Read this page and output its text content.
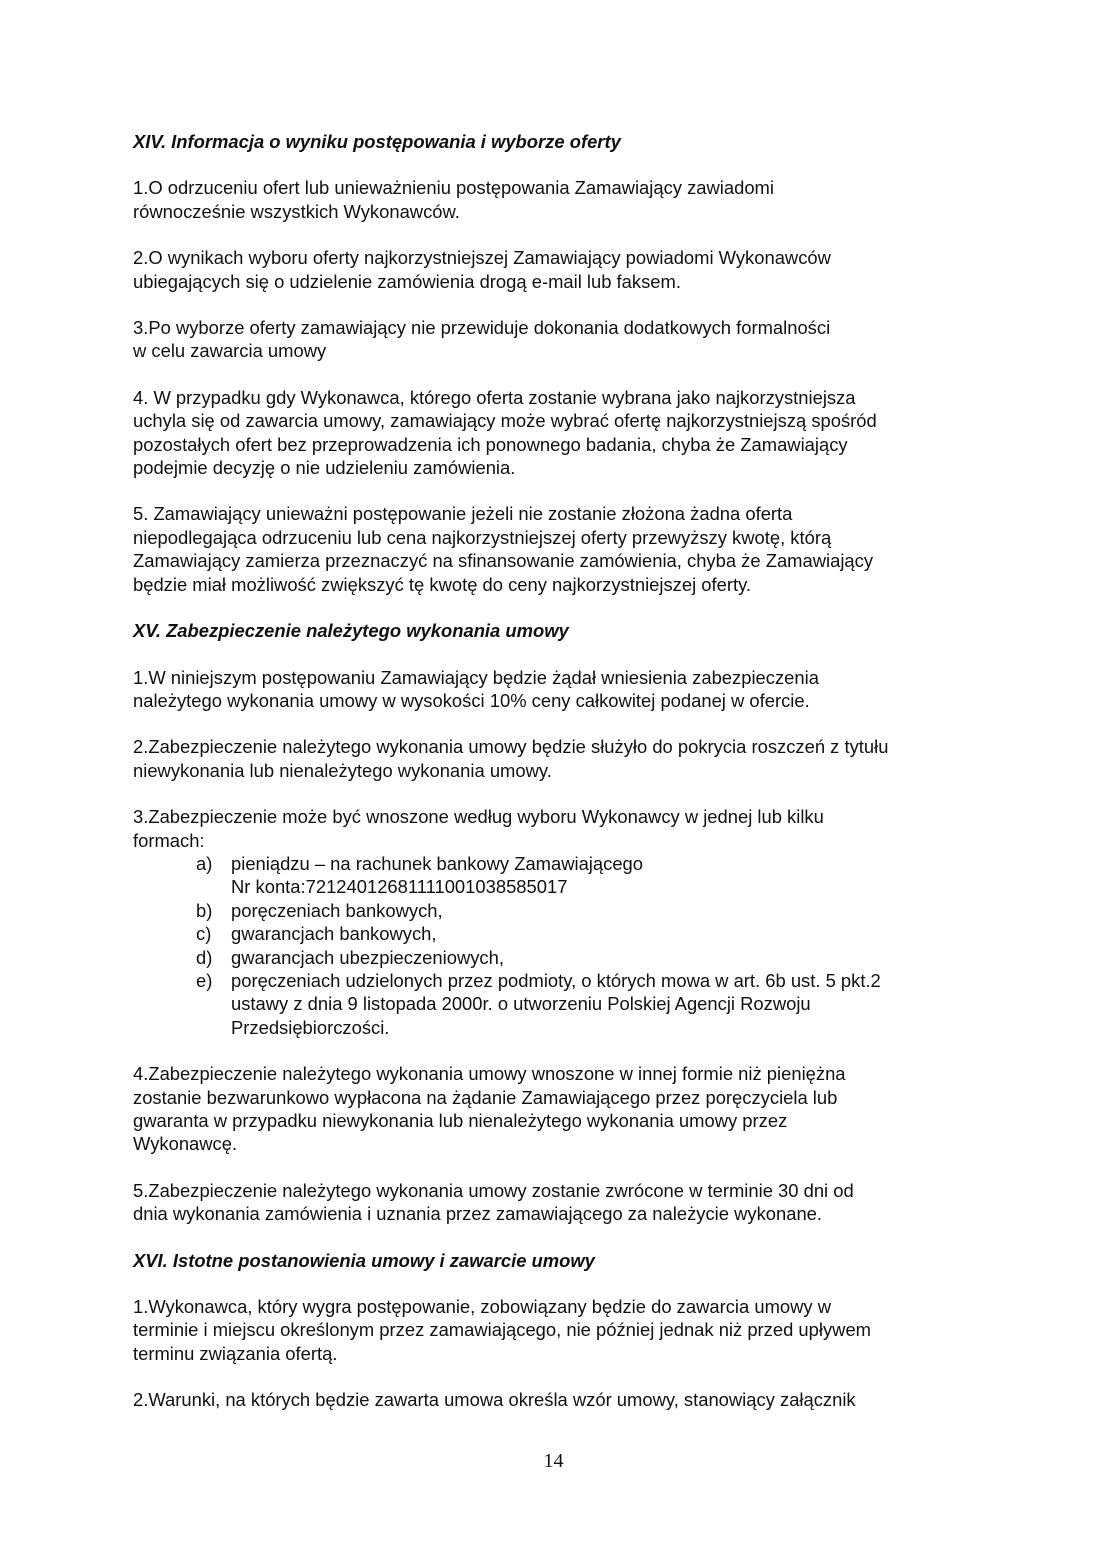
XIV. Informacja o wyniku postępowania i wyborze oferty
1.O odrzuceniu ofert lub unieważnieniu postępowania Zamawiający zawiadomi
równocześnie wszystkich Wykonawców.
2.O wynikach wyboru oferty najkorzystniejszej Zamawiający powiadomi Wykonawców
ubiegających się o udzielenie zamówienia drogą e-mail lub faksem.
3.Po wyborze oferty zamawiający nie przewiduje dokonania dodatkowych formalności
w celu zawarcia umowy
4. W przypadku gdy Wykonawca, którego oferta zostanie wybrana jako najkorzystniejsza
uchyla się od zawarcia umowy, zamawiający może wybrać ofertę najkorzystniejszą spośród
pozostałych ofert bez przeprowadzenia ich ponownego badania, chyba że Zamawiający
podejmie decyzję o nie udzieleniu zamówienia.
5. Zamawiający unieważni postępowanie jeżeli nie zostanie złożona żadna oferta
niepodlegająca odrzuceniu lub cena najkorzystniejszej oferty przewyższy kwotę, którą
Zamawiający zamierza przeznaczyć na sfinansowanie zamówienia, chyba że Zamawiający
będzie miał możliwość zwiększyć tę kwotę do ceny najkorzystniejszej oferty.
XV. Zabezpieczenie należytego wykonania umowy
1.W niniejszym postępowaniu Zamawiający będzie żądał wniesienia zabezpieczenia
należytego wykonania umowy w wysokości 10% ceny całkowitej podanej w ofercie.
2.Zabezpieczenie należytego wykonania umowy będzie służyło do pokrycia roszczeń z tytułu
niewykonania lub nienależytego wykonania umowy.
3.Zabezpieczenie może być wnoszone według wyboru Wykonawcy w jednej lub kilku
formach:
a)	pieniądzu – na rachunek bankowy Zamawiającego
Nr konta:72124012681111001038585017
b)	poręczeniach bankowych,
c)	gwarancjach bankowych,
d)	gwarancjach ubezpieczeniowych,
e)	poręczeniach udzielonych przez podmioty, o których mowa w art. 6b ust. 5 pkt.2
ustawy z dnia 9 listopada 2000r. o utworzeniu Polskiej Agencji Rozwoju
Przedsiębiorczości.
4.Zabezpieczenie należytego wykonania umowy wnoszone w innej formie niż pieniężna
zostanie bezwarunkowo wypłacona na żądanie Zamawiającego przez poręczyciela lub
gwaranta w przypadku niewykonania lub nienależytego wykonania umowy przez
Wykonawcę.
5.Zabezpieczenie należytego wykonania umowy zostanie zwrócone w terminie 30 dni od
dnia wykonania zamówienia i uznania przez zamawiającego za należycie wykonane.
XVI. Istotne postanowienia umowy i zawarcie umowy
1.Wykonawca, który wygra postępowanie, zobowiązany będzie do zawarcia umowy w
terminie i miejscu określonym przez zamawiającego, nie później jednak niż przed upływem
terminu związania ofertą.
2.Warunki, na których będzie zawarta umowa określa wzór umowy, stanowiący załącznik
14
